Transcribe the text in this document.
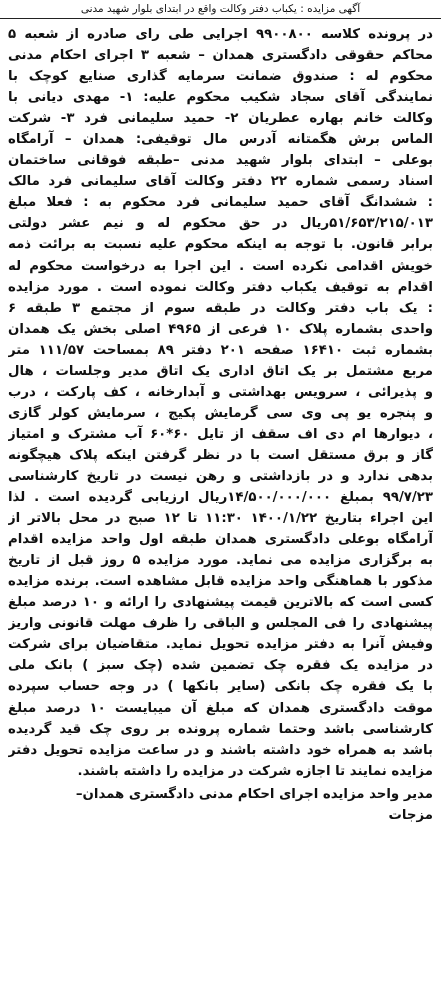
آگهی مزایده : یکباب دفتر وکالت واقع در ابتدای بلوار شهید مدنی
در پرونده کلاسه ۹۹۰۰۸۰۰ اجرایی طی رای صادره از شعبه ۵
محاکم حقوقی دادگستری همدان – شعبه ۳ اجرای احکام مدنی
محکوم له : صندوق ضمانت سرمایه گذاری صنایع کوچک با
نمایندگی آقای سجاد شکیب محکوم علیه: ۱- مهدی دیانی با
وکالت خانم بهاره عطریان ۲- حمید سلیمانی فرد ۳- شرکت
الماس برش هگمتانه آدرس مال توقیفی: همدان – آرامگاه
بوعلی – ابتدای بلوار شهید مدنی –طبقه فوقانی ساختمان
اسناد رسمی شماره ۲۲ دفتر وکالت آقای سلیمانی فرد مالک
: ششدانگ آقای حمید سلیمانی فرد محکوم به : فعلا مبلغ
۵۱/۶۵۳/۲۱۵/۰۱۳ریال در حق محکوم له و نیم عشر دولتی
برابر قانون. با توجه به اینکه محکوم علیه نسبت به برائت ذمه
خویش اقدامی نکرده است . این اجرا به درخواست محکوم له
اقدام به توقیف یکباب دفتر وکالت نموده است . مورد مزایده
: یک باب دفتر وکالت در طبقه سوم از مجتمع ۳ طبقه ۶
واحدی بشماره پلاک ۱۰ فرعی از ۴۹۶۵ اصلی بخش یک همدان
بشماره ثبت ۱۶۴۱۰ صفحه ۲۰۱ دفتر ۸۹ بمساحت ۱۱۱/۵۷ متر
مربع مشتمل بر یک اتاق اداری یک اتاق مدیر وجلسات ، هال
و پذیرائی ، سرویس بهداشتی و آبدارخانه ، کف پارکت ، درب
و پنجره یو پی وی سی گرمایش پکیج ، سرمایش کولر گازی
، دیوارها ام دی اف سقف از تایل ۶۰*۶۰ آب مشترک و امتیاز
گاز و برق مستقل است با در نظر گرفتن اینکه پلاک هیچگونه
بدهی ندارد و در بازداشتی و رهن نیست در تاریخ کارشناسی
۹۹/۷/۲۳ بمبلغ ۱۴/۵۰۰/۰۰۰/۰۰۰ریال ارزیابی گردیده است . لذا
این اجراء بتاریخ ۱۴۰۰/۱/۲۲ ۱۱:۳۰ تا ۱۲ صبح در محل بالاتر از
آرامگاه بوعلی دادگستری همدان طبقه اول واحد مزایده اقدام
به برگزاری مزایده می نماید. مورد مزایده ۵ روز قبل از تاریخ
مذکور با هماهنگی واحد مزایده قابل مشاهده است. برنده مزایده
کسی است که بالاترین قیمت پیشنهادی را ارائه و ۱۰ درصد مبلغ
پیشنهادی را فی المجلس و الباقی را ظرف مهلت قانونی واریز
وفیش آنرا به دفتر مزایده تحویل نماید. متقاضیان برای شرکت
در مزایده یک فقره چک تضمین شده (چک سبز ) بانک ملی
با یک فقره چک بانکی (سایر بانکها ) در وجه حساب سپرده
موقت دادگستری همدان که مبلغ آن میبایست ۱۰ درصد مبلغ
کارشناسی باشد وحتما شماره پرونده بر روی چک قید گردیده
باشد به همراه خود داشته باشند و در ساعت مزایده تحویل دفتر
مزایده نمایند تا اجازه شرکت در مزایده را داشته باشند.
مدیر واحد مزایده اجرای احکام مدنی دادگستری همدان–
مزجات
